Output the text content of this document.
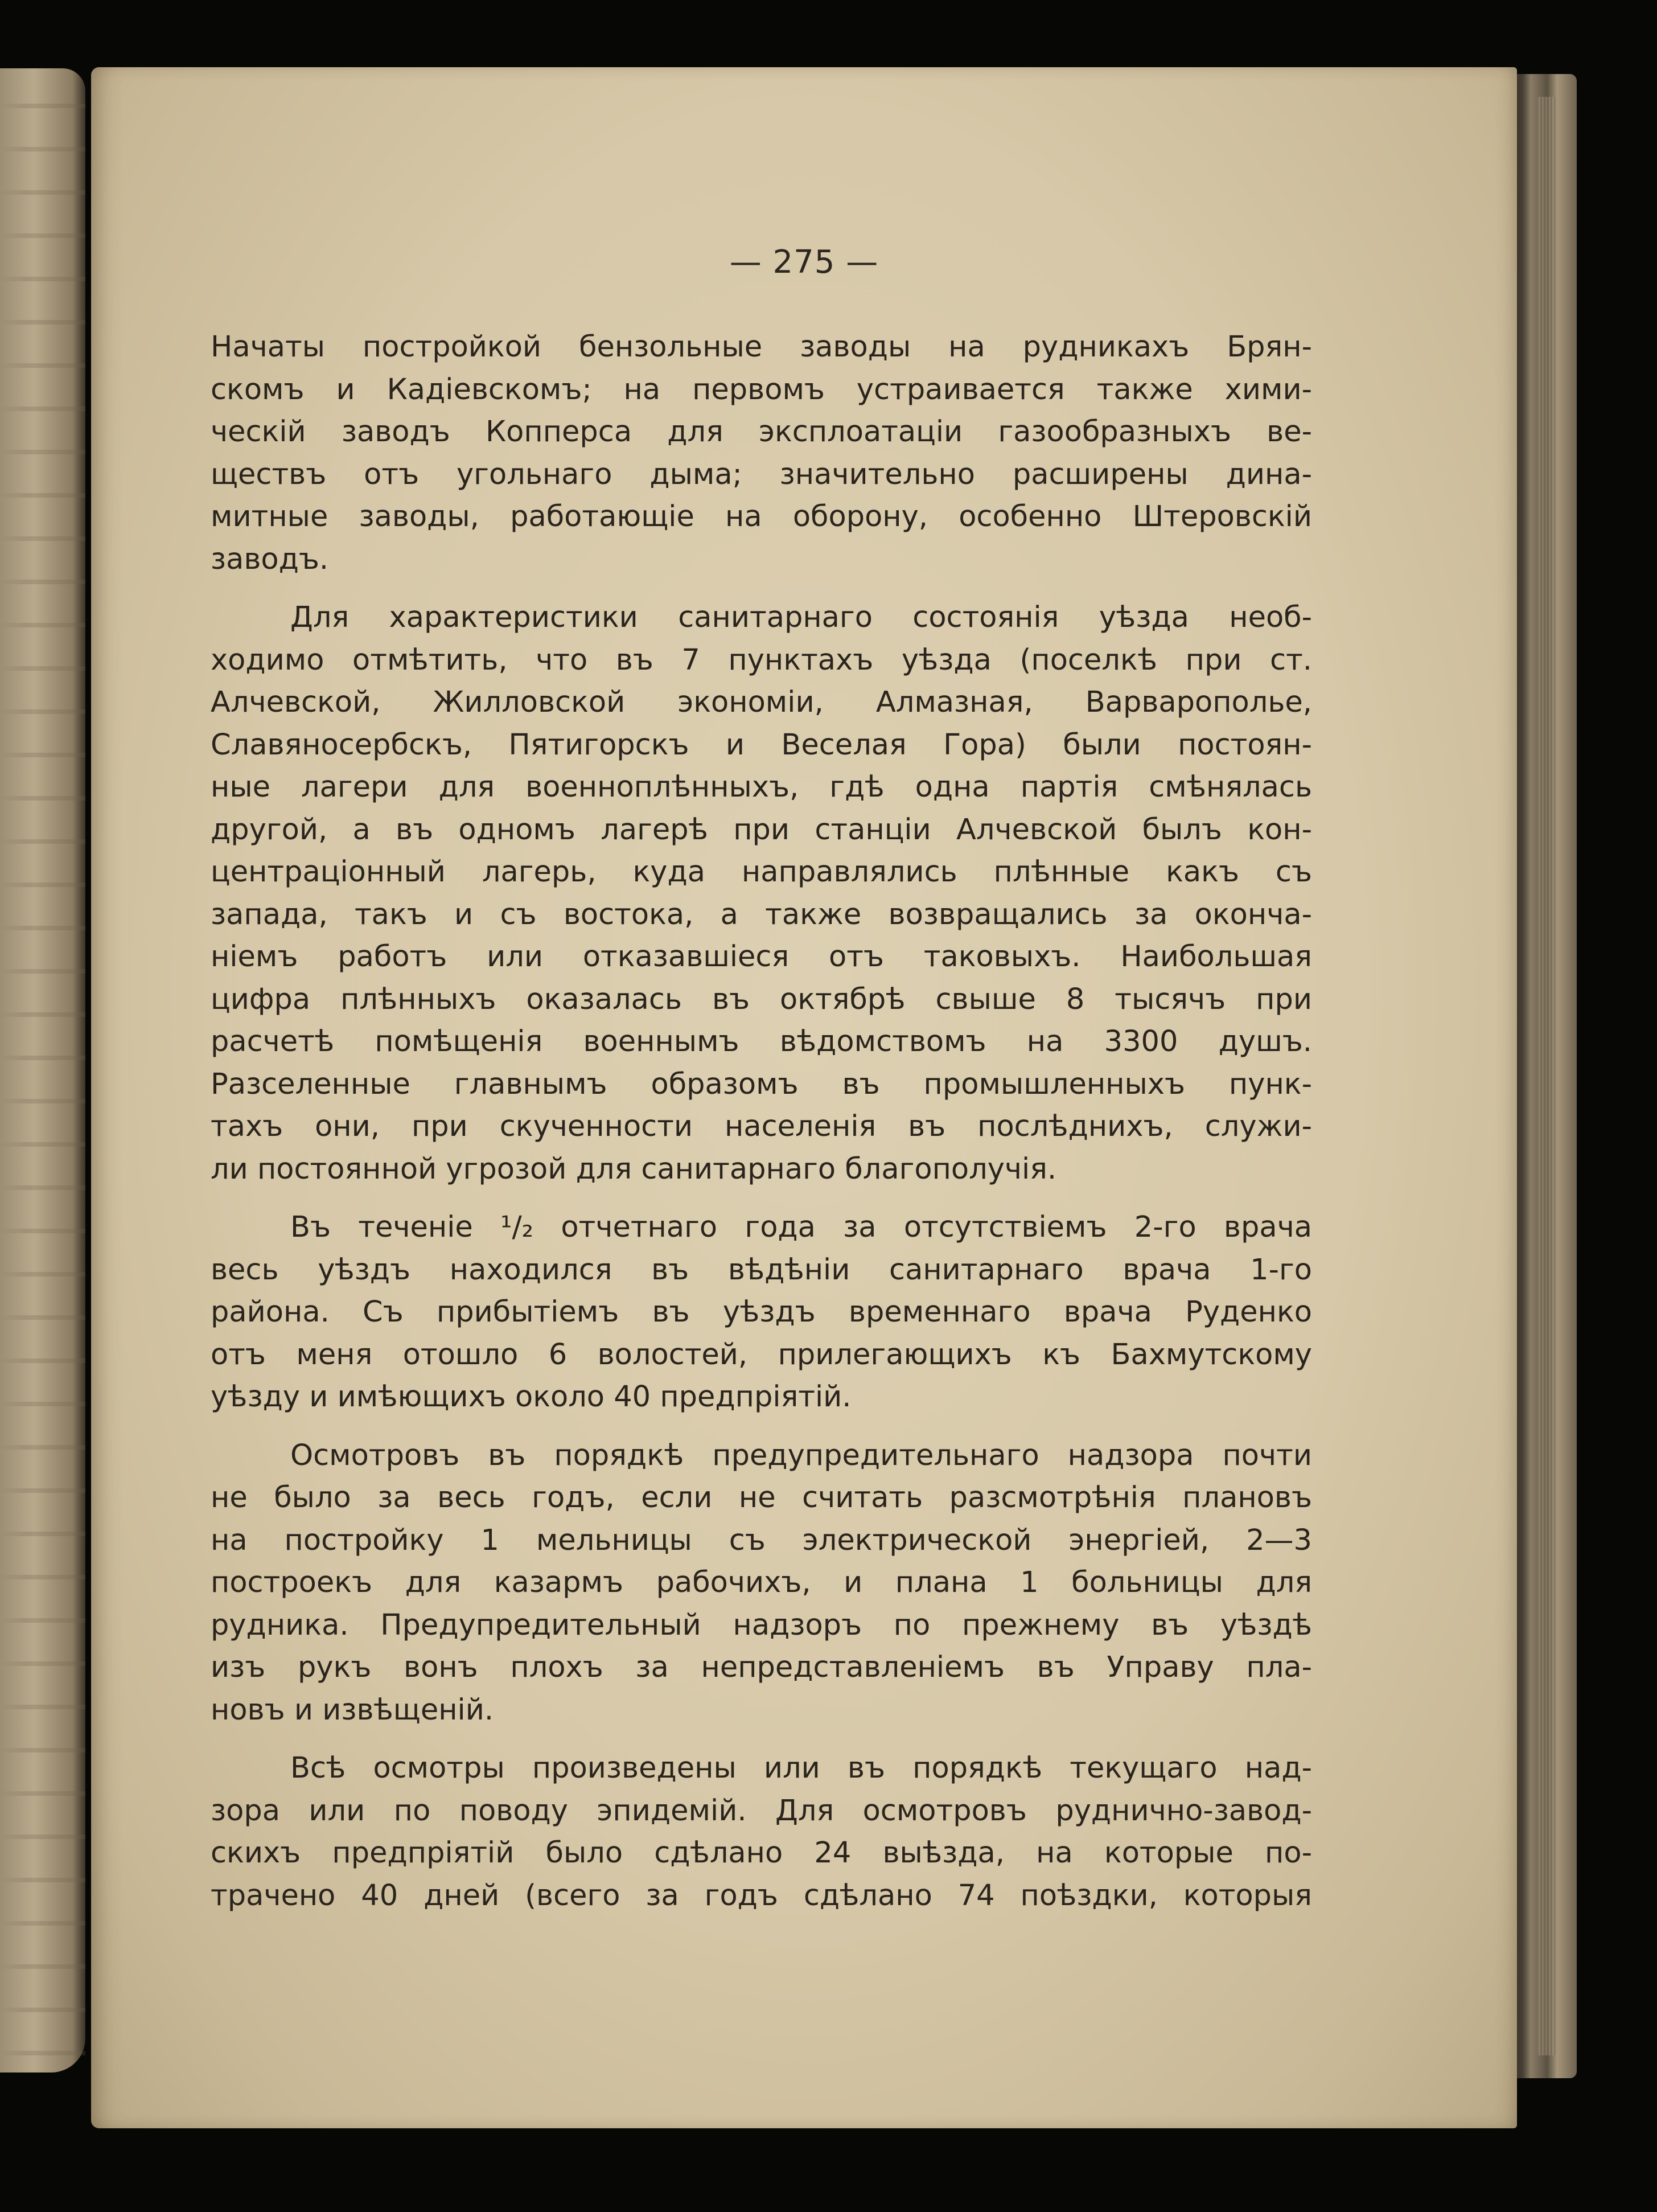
— 275 —
Начаты постройкой бензольные заводы на рудникахъ Брян-
скомъ и Кадіевскомъ; на первомъ устраивается также хими-
ческій заводъ Копперса для эксплоатаціи газообразныхъ ве-
ществъ отъ угольнаго дыма; значительно расширены дина-
митные заводы, работающіе на оборону, особенно Штеровскій
заводъ.
Для характеристики санитарнаго состоянія уѣзда необ-
ходимо отмѣтить, что въ 7 пунктахъ уѣзда (поселкѣ при ст.
Алчевской, Жилловской экономіи, Алмазная, Варваропольe,
Славяносербскъ, Пятигорскъ и Веселая Гора) были постоян-
ные лагери для военноплѣнныхъ, гдѣ одна партія смѣнялась
другой, а въ одномъ лагерѣ при станціи Алчевской былъ кон-
центраціонный лагерь, куда направлялись плѣнные какъ съ
запада, такъ и съ востока, а также возвращались за оконча-
ніемъ работъ или отказавшіеся отъ таковыхъ. Наибольшая
цифра плѣнныхъ оказалась въ октябрѣ свыше 8 тысячъ при
расчетѣ помѣщенія военнымъ вѣдомствомъ на 3300 душъ.
Разселенные главнымъ образомъ въ промышленныхъ пунк-
тахъ они, при скученности населенія въ послѣднихъ, служи-
ли постоянной угрозой для санитарнаго благополучія.
Въ теченіе ¹/₂ отчетнаго года за отсутствіемъ 2-го врача
весь уѣздъ находился въ вѣдѣніи санитарнаго врача 1-го
района. Съ прибытіемъ въ уѣздъ временнаго врача Руденко
отъ меня отошло 6 волостей, прилегающихъ къ Бахмутскому
уѣзду и имѣющихъ около 40 предпріятій.
Осмотровъ въ порядкѣ предупредительнаго надзора почти
не было за весь годъ, если не считать разсмотрѣнія плановъ
на постройку 1 мельницы съ электрической энергіей, 2—3
построекъ для казармъ рабочихъ, и плана 1 больницы для
рудника. Предупредительный надзоръ по прежнему въ уѣздѣ
изъ рукъ вонъ плохъ за непредставленіемъ въ Управу пла-
новъ и извѣщеній.
Всѣ осмотры произведены или въ порядкѣ текущаго над-
зора или по поводу эпидемій. Для осмотровъ руднично-завод-
скихъ предпріятій было сдѣлано 24 выѣзда, на которые по-
трачено 40 дней (всего за годъ сдѣлано 74 поѣздки, которыя
